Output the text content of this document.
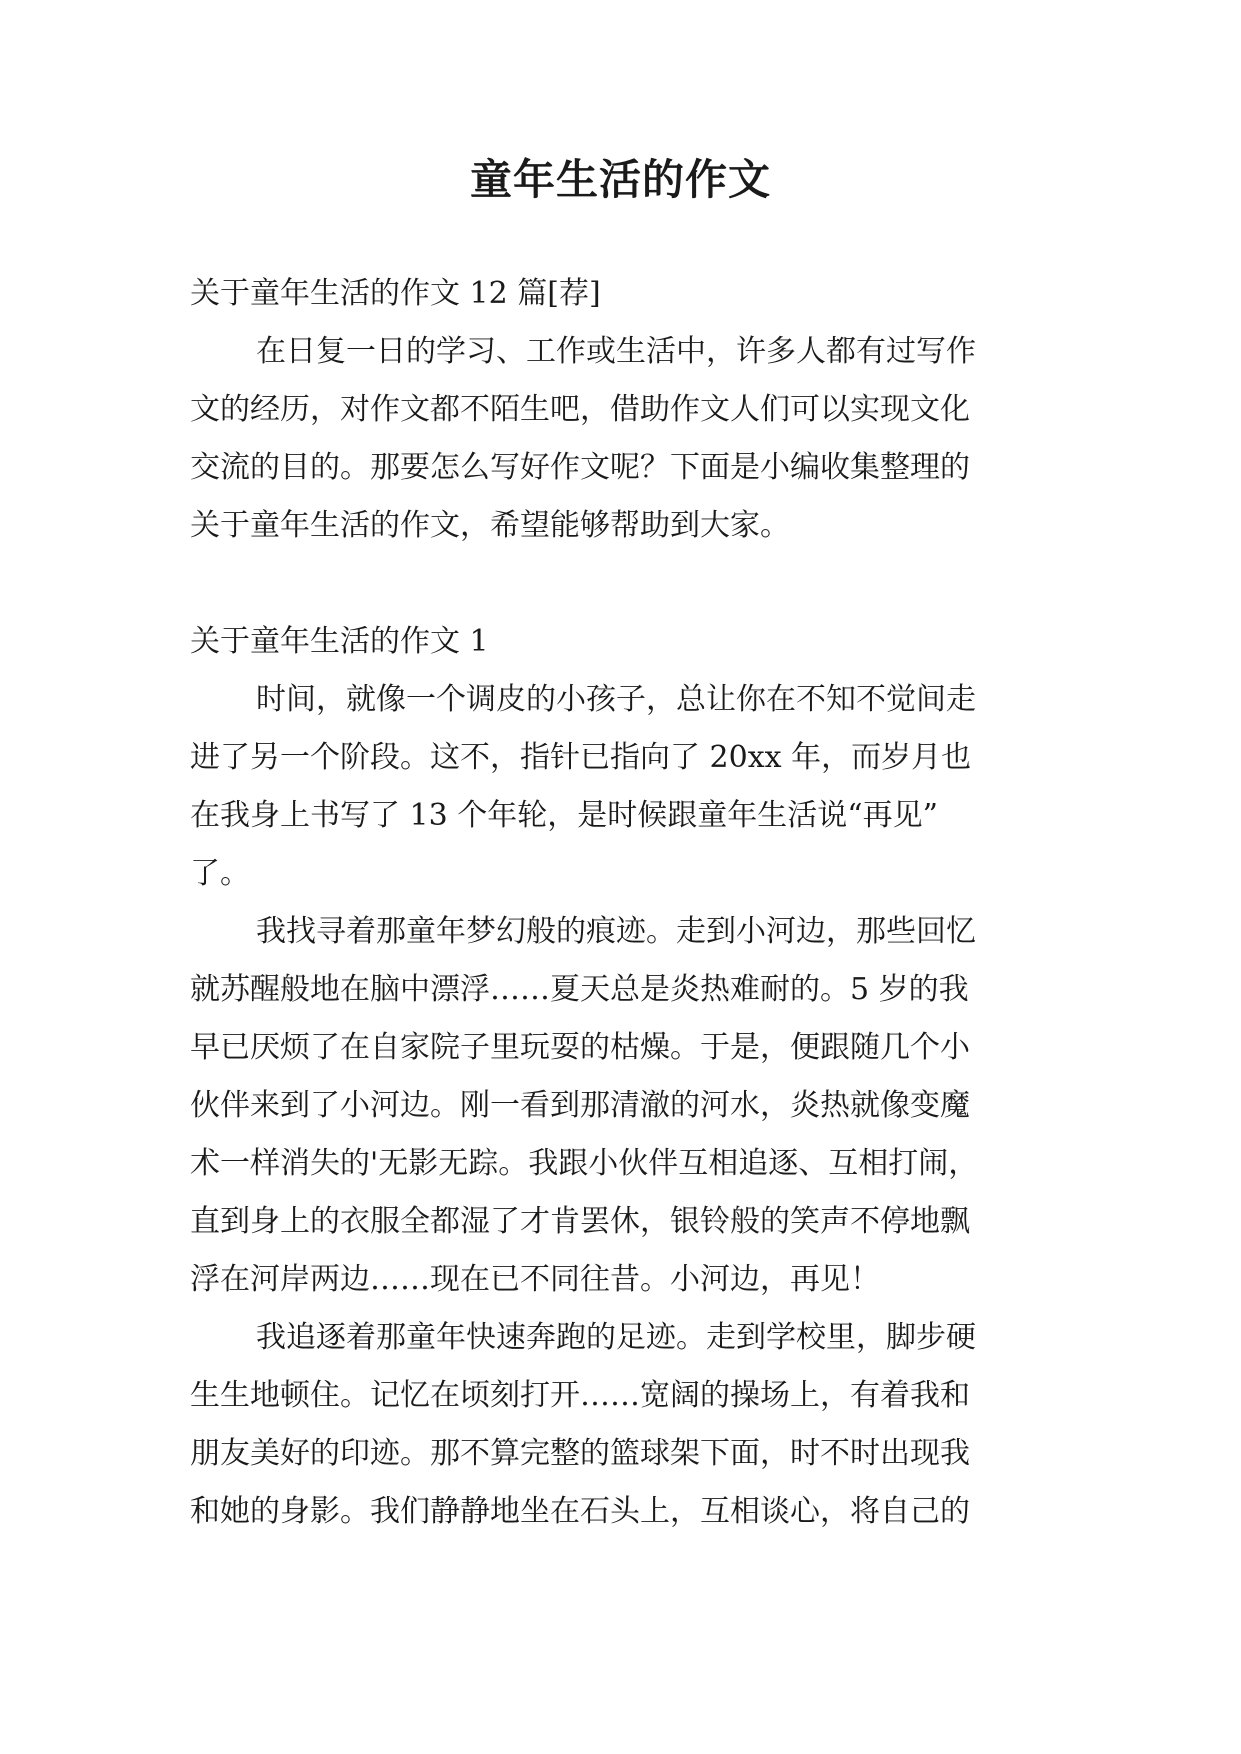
童年生活的作文
关于童年生活的作文 12 篇[荐]
在日复一日的学习、工作或生活中，许多人都有过写作
文的经历，对作文都不陌生吧，借助作文人们可以实现文化
交流的目的。那要怎么写好作文呢？下面是小编收集整理的
关于童年生活的作文，希望能够帮助到大家。
关于童年生活的作文 1
时间，就像一个调皮的小孩子，总让你在不知不觉间走
进了另一个阶段。这不，指针已指向了 20xx 年，而岁月也
在我身上书写了 13 个年轮，是时候跟童年生活说“再见”
了。
我找寻着那童年梦幻般的痕迹。走到小河边，那些回忆
就苏醒般地在脑中漂浮……夏天总是炎热难耐的。5 岁的我
早已厌烦了在自家院子里玩耍的枯燥。于是，便跟随几个小
伙伴来到了小河边。刚一看到那清澈的河水，炎热就像变魔
术一样消失的'无影无踪。我跟小伙伴互相追逐、互相打闹，
直到身上的衣服全都湿了才肯罢休，银铃般的笑声不停地飘
浮在河岸两边……现在已不同往昔。小河边，再见！
我追逐着那童年快速奔跑的足迹。走到学校里，脚步硬
生生地顿住。记忆在顷刻打开……宽阔的操场上，有着我和
朋友美好的印迹。那不算完整的篮球架下面，时不时出现我
和她的身影。我们静静地坐在石头上，互相谈心，将自己的
